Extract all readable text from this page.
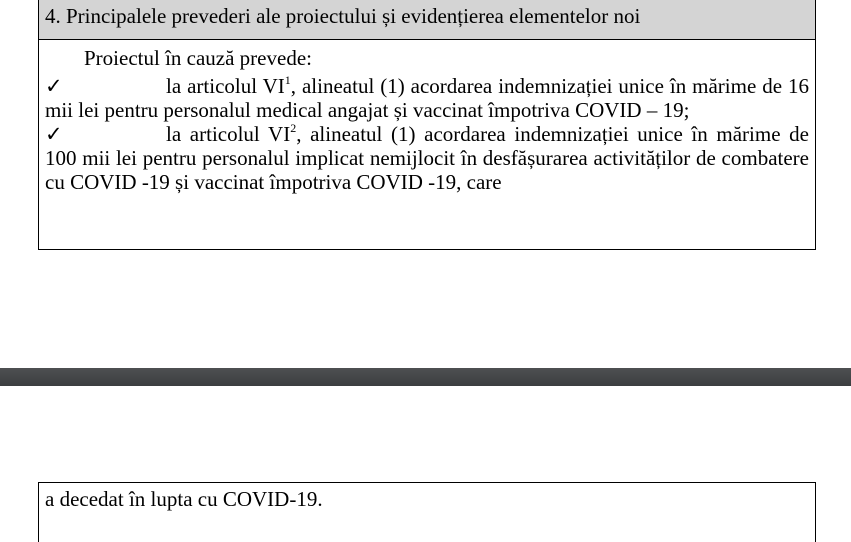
4. Principalele prevederi ale proiectului și evidențierea elementelor noi
Proiectul în cauză prevede:

✓	la articolul $VI^1$, alineatul (1) acordarea indemnizației unice în mărime de 16 mii lei pentru personalul medical angajat și vaccinat împotriva COVID – 19;

✓	la articolul $VI^2$, alineatul (1) acordarea indemnizației unice în mărime de 100 mii lei pentru personalul implicat nemijlocit în desfășurarea activităților de combatere cu COVID -19 și vaccinat împotriva COVID -19, care

a decedat în lupta cu COVID-19.
